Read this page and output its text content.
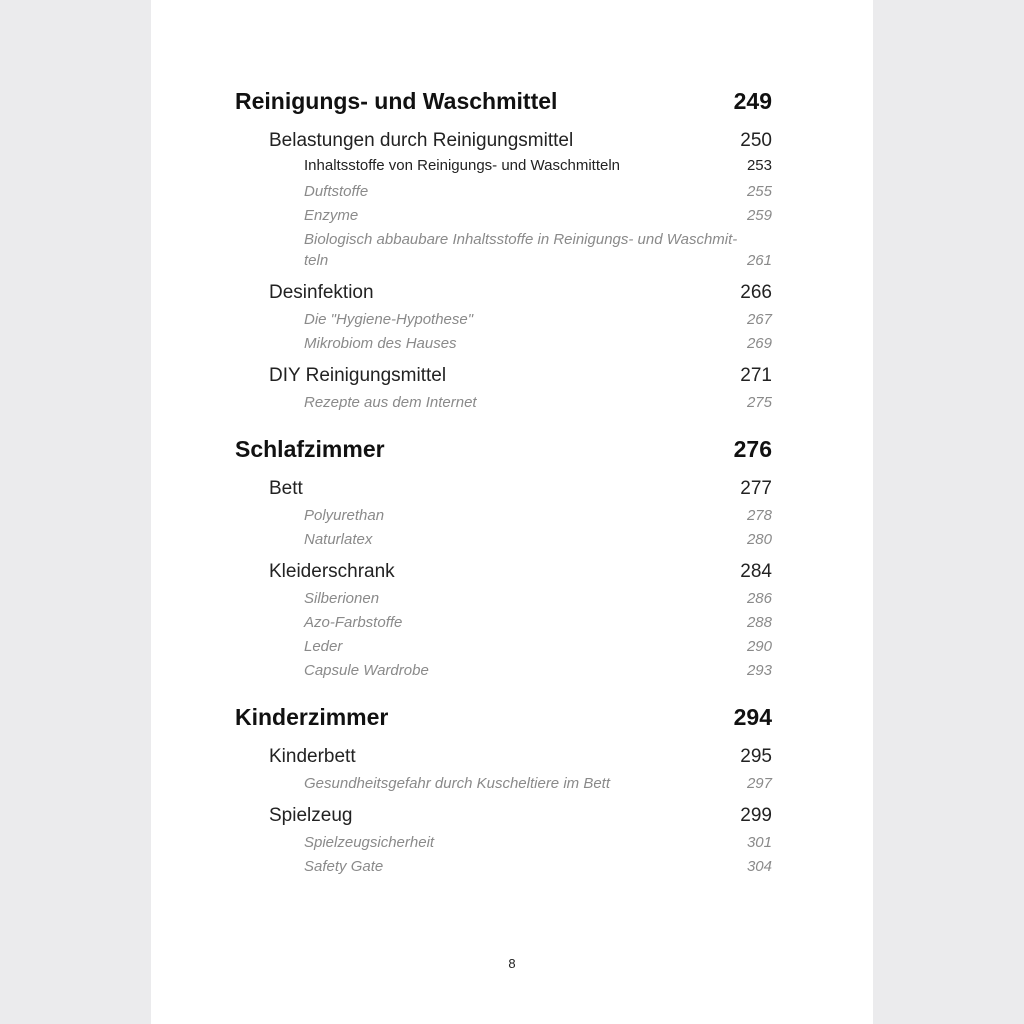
Reinigungs- und Waschmittel	249
Belastungen durch Reinigungsmittel	250
Inhaltsstoffe von Reinigungs- und Waschmitteln	253
Duftstoffe	255
Enzyme	259
Biologisch abbaubare Inhaltsstoffe in Reinigungs- und Waschmit-teln	261
Desinfektion	266
Die "Hygiene-Hypothese"	267
Mikrobiom des Hauses	269
DIY Reinigungsmittel	271
Rezepte aus dem Internet	275
Schlafzimmer	276
Bett	277
Polyurethan	278
Naturlatex	280
Kleiderschrank	284
Silberionen	286
Azo-Farbstoffe	288
Leder	290
Capsule Wardrobe	293
Kinderzimmer	294
Kinderbett	295
Gesundheitsgefahr durch Kuscheltiere im Bett	297
Spielzeug	299
Spielzeugsicherheit	301
Safety Gate	304
8
